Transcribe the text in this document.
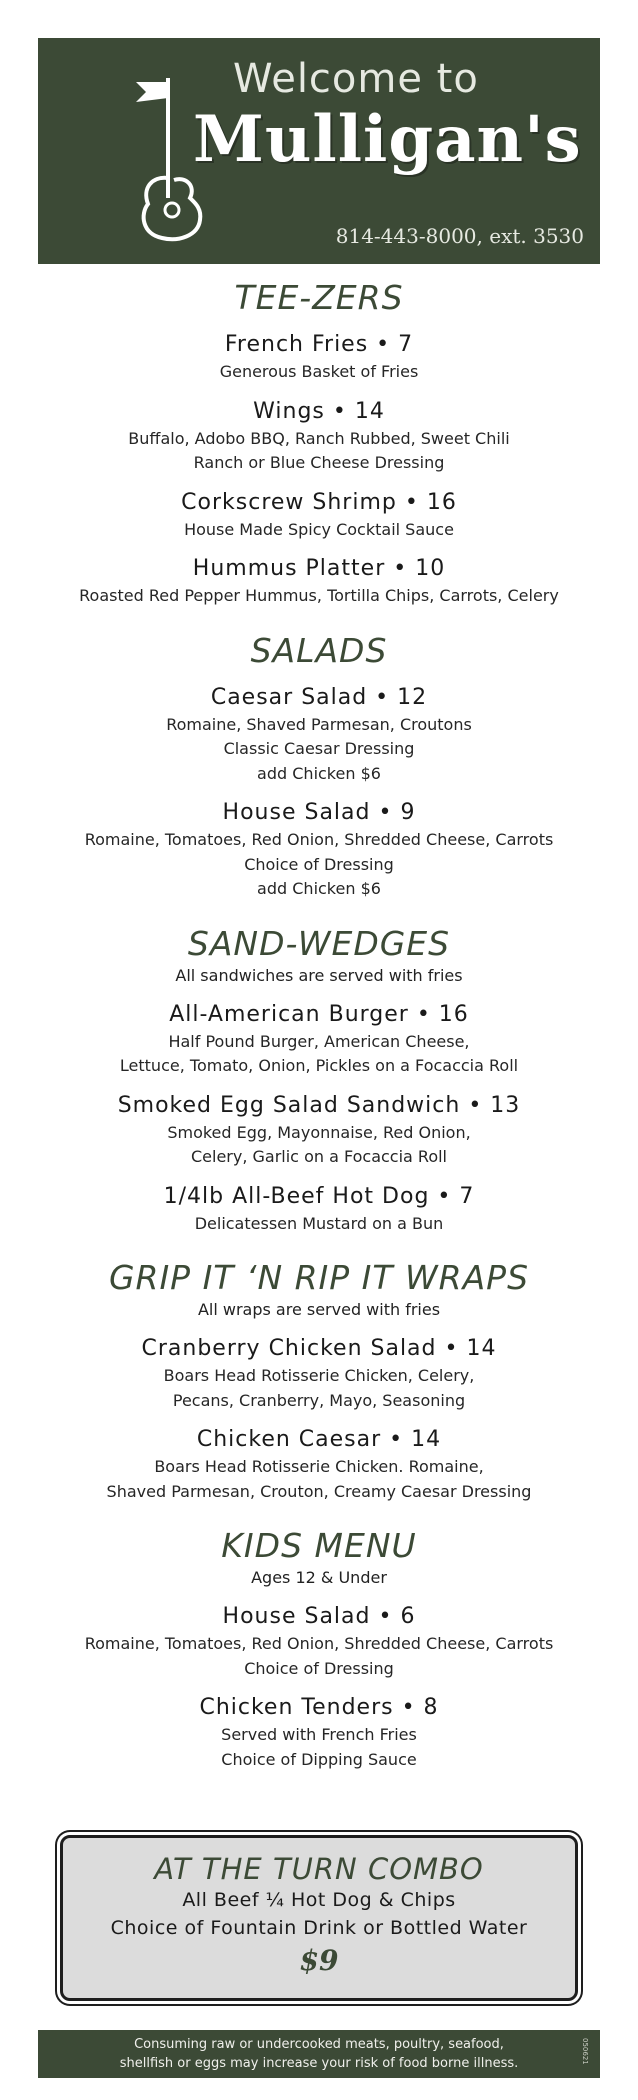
Welcome to
Mulligan's
814-443-8000, ext. 3530
TEE-ZERS
French Fries • 7
Generous Basket of Fries
Wings • 14
Buffalo, Adobo BBQ, Ranch Rubbed, Sweet Chili
Ranch or Blue Cheese Dressing
Corkscrew Shrimp • 16
House Made Spicy Cocktail Sauce
Hummus Platter • 10
Roasted Red Pepper Hummus, Tortilla Chips, Carrots, Celery
SALADS
Caesar Salad • 12
Romaine, Shaved Parmesan, Croutons
Classic Caesar Dressing
add Chicken $6
House Salad • 9
Romaine, Tomatoes, Red Onion, Shredded Cheese, Carrots
Choice of Dressing
add Chicken $6
SAND-WEDGES
All sandwiches are served with fries
All-American Burger • 16
Half Pound Burger, American Cheese,
Lettuce, Tomato, Onion, Pickles on a Focaccia Roll
Smoked Egg Salad Sandwich • 13
Smoked Egg, Mayonnaise, Red Onion,
Celery, Garlic on a Focaccia Roll
1/4lb All-Beef Hot Dog • 7
Delicatessen Mustard on a Bun
GRIP IT ‘N RIP IT WRAPS
All wraps are served with fries
Cranberry Chicken Salad • 14
Boars Head Rotisserie Chicken, Celery,
Pecans, Cranberry, Mayo, Seasoning
Chicken Caesar • 14
Boars Head Rotisserie Chicken. Romaine,
Shaved Parmesan, Crouton, Creamy Caesar Dressing
KIDS MENU
Ages 12 & Under
House Salad • 6
Romaine, Tomatoes, Red Onion, Shredded Cheese, Carrots
Choice of Dressing
Chicken Tenders • 8
Served with French Fries
Choice of Dipping Sauce
AT THE TURN COMBO
All Beef ¼ Hot Dog & Chips
Choice of Fountain Drink or Bottled Water
$9
Consuming raw or undercooked meats, poultry, seafood,
shellfish or eggs may increase your risk of food borne illness.	050621
